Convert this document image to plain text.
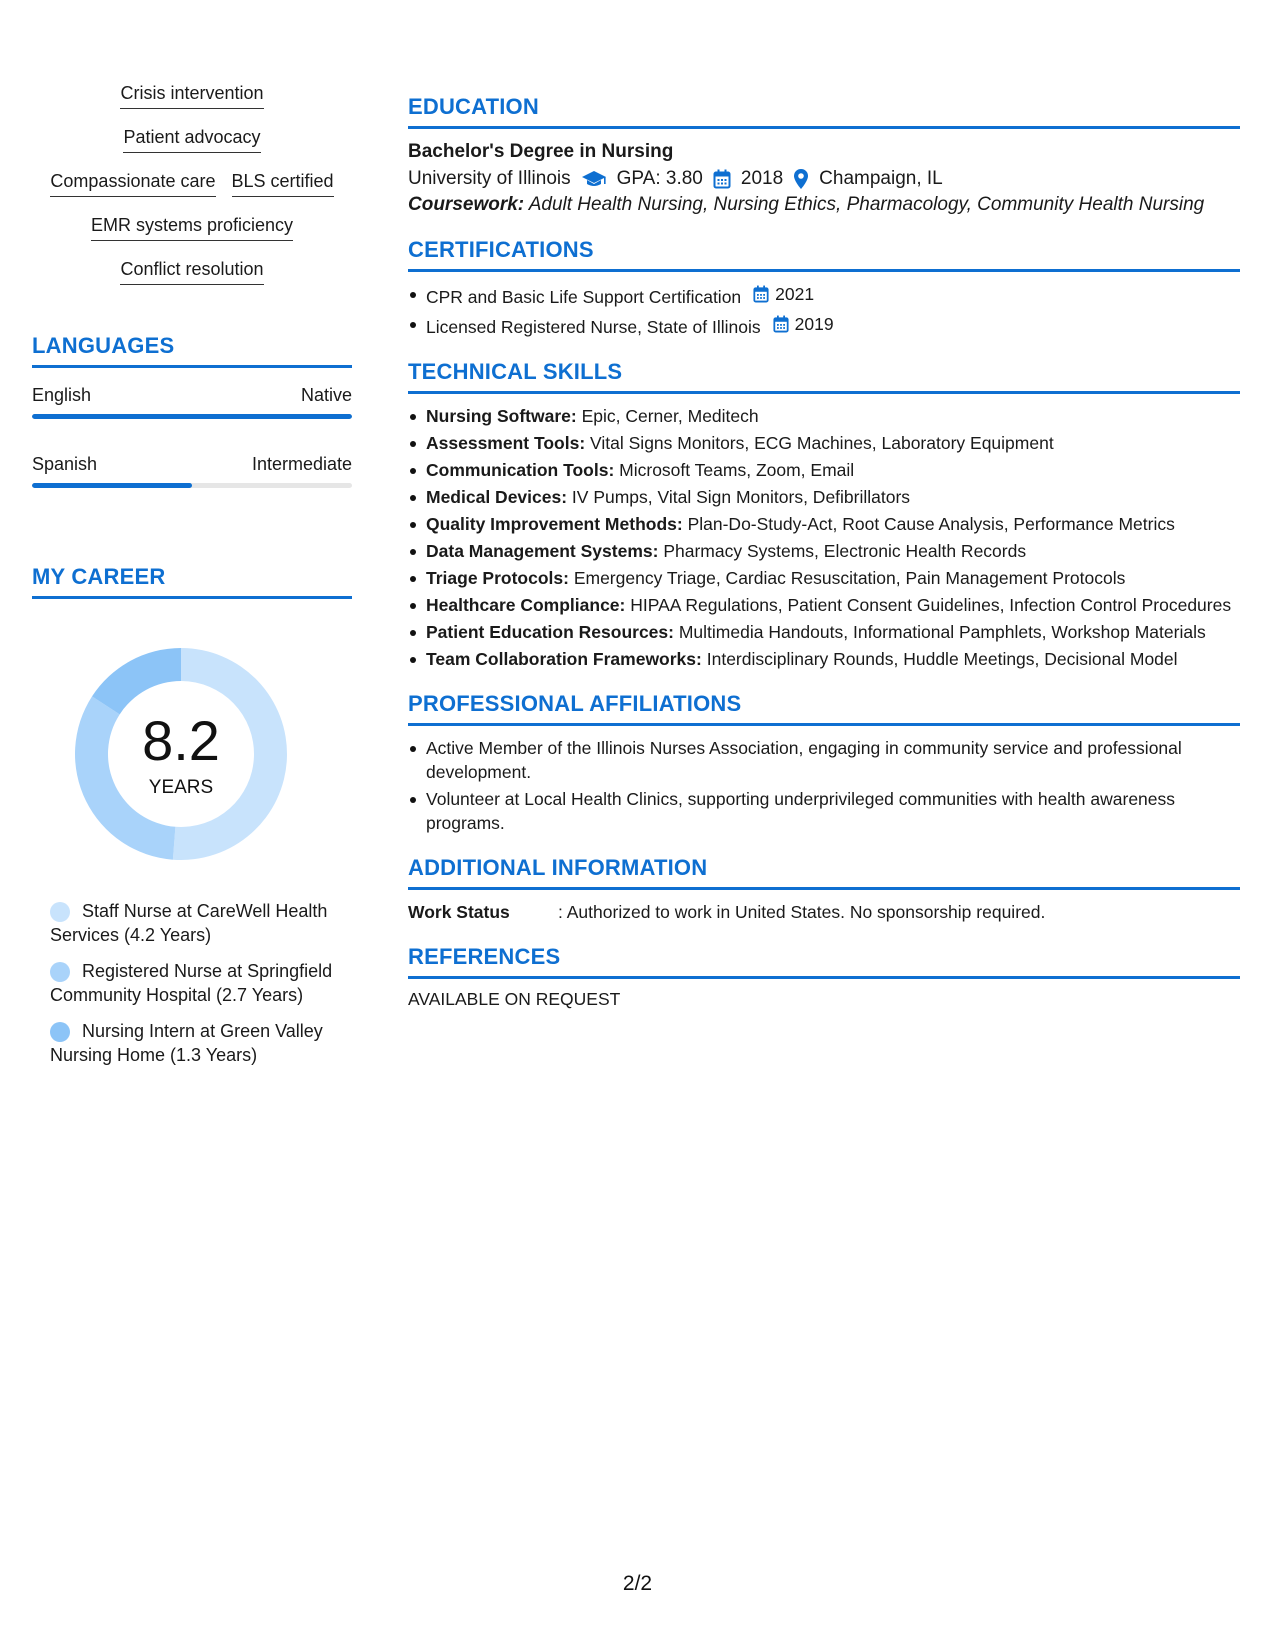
Crisis intervention
Patient advocacy
Compassionate care BLS certified
EMR systems proficiency
Conflict resolution
LANGUAGES
English	Native
Spanish	Intermediate
MY CAREER
8.2
YEARS
Staff Nurse at CareWell Health Services (4.2 Years)
Registered Nurse at Springfield Community Hospital (2.7 Years)
Nursing Intern at Green Valley Nursing Home (1.3 Years)
EDUCATION
Bachelor's Degree in Nursing
University of Illinois GPA: 3.80 2018 Champaign, IL
Coursework: Adult Health Nursing, Nursing Ethics, Pharmacology, Community Health Nursing
CERTIFICATIONS
CPR and Basic Life Support Certification 2021
Licensed Registered Nurse, State of Illinois 2019
TECHNICAL SKILLS
Nursing Software: Epic, Cerner, Meditech
Assessment Tools: Vital Signs Monitors, ECG Machines, Laboratory Equipment
Communication Tools: Microsoft Teams, Zoom, Email
Medical Devices: IV Pumps, Vital Sign Monitors, Defibrillators
Quality Improvement Methods: Plan-Do-Study-Act, Root Cause Analysis, Performance Metrics
Data Management Systems: Pharmacy Systems, Electronic Health Records
Triage Protocols: Emergency Triage, Cardiac Resuscitation, Pain Management Protocols
Healthcare Compliance: HIPAA Regulations, Patient Consent Guidelines, Infection Control Procedures
Patient Education Resources: Multimedia Handouts, Informational Pamphlets, Workshop Materials
Team Collaboration Frameworks: Interdisciplinary Rounds, Huddle Meetings, Decisional Model
PROFESSIONAL AFFILIATIONS
Active Member of the Illinois Nurses Association, engaging in community service and professional development.
Volunteer at Local Health Clinics, supporting underprivileged communities with health awareness programs.
ADDITIONAL INFORMATION
Work Status	: Authorized to work in United States. No sponsorship required.
REFERENCES
AVAILABLE ON REQUEST
2/2
